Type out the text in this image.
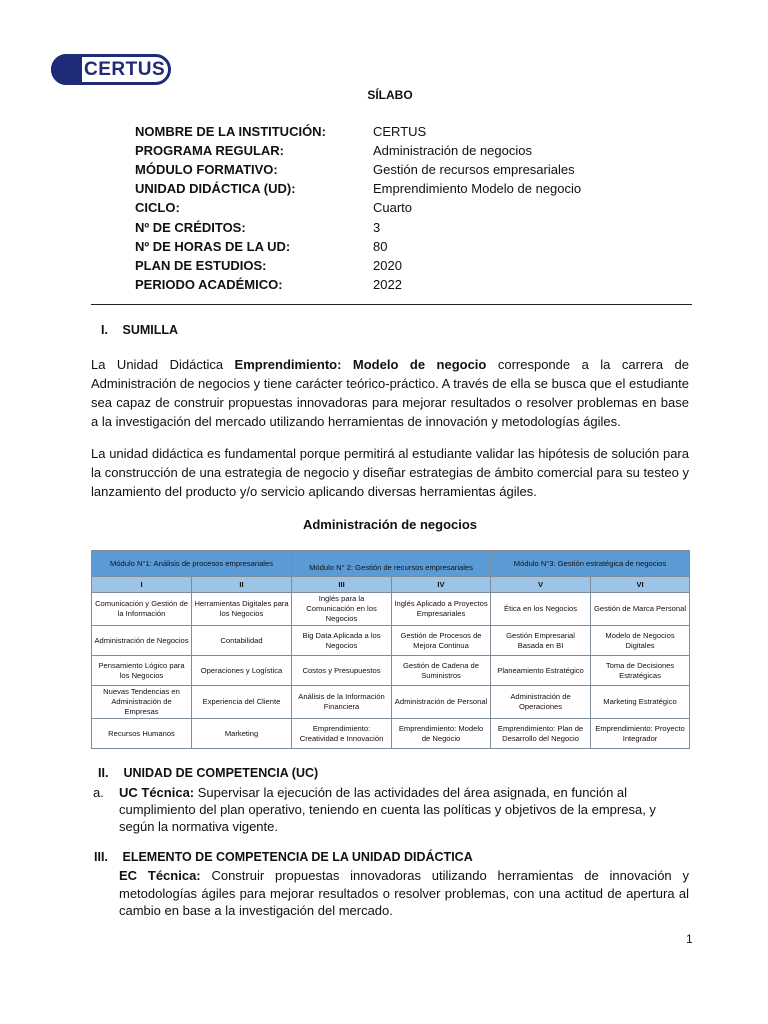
CERTUS
SÍLABO
NOMBRE DE LA INSTITUCIÓN:	CERTUS
PROGRAMA REGULAR:	Administración de negocios
MÓDULO FORMATIVO:	Gestión de recursos empresariales
UNIDAD DIDÁCTICA (UD):	Emprendimiento Modelo de negocio
CICLO:	Cuarto
Nº DE CRÉDITOS:	3
Nº DE HORAS DE LA UD:	80
PLAN DE ESTUDIOS:	2020
PERIODO ACADÉMICO:	2022
I. SUMILLA
La Unidad Didáctica Emprendimiento: Modelo de negocio corresponde a la carrera de Administración de negocios y tiene carácter teórico-práctico. A través de ella se busca que el estudiante sea capaz de construir propuestas innovadoras para mejorar resultados o resolver problemas en base a la investigación del mercado utilizando herramientas de innovación y metodologías ágiles.
La unidad didáctica es fundamental porque permitirá al estudiante validar las hipótesis de solución para la construcción de una estrategia de negocio y diseñar estrategias de ámbito comercial para su testeo y lanzamiento del producto y/o servicio aplicando diversas herramientas ágiles.
Administración de negocios
Módulo N°1: Análisis de procesos empresariales		Módulo N° 2: Gestión de recursos empresariales		Módulo N°3: Gestión estratégica de negocios	
I	II	III	IV	V	VI
Comunicación y Gestión de la Información	Herramientas Digitales para los Negocios	Inglés para la Comunicación en los Negocios	Inglés Aplicado a Proyectos Empresariales	Ética en los Negocios	Gestión de Marca Personal
Administración de Negocios	Contabilidad	Big Data Aplicada a los Negocios	Gestión de Procesos de Mejora Continua	Gestión Empresarial Basada en BI	Modelo de Negocios Digitales
Pensamiento Lógico para los Negocios	Operaciones y Logística	Costos y Presupuestos	Gestión de Cadena de Suministros	Planeamiento Estratégico	Toma de Decisiones Estratégicas
Nuevas Tendencias en Administración de Empresas	Experiencia del Cliente	Análisis de la Información Financiera	Administración de Personal	Administración de Operaciones	Marketing Estratégico
Recursos Humanos	Marketing	Emprendimiento: Creatividad e Innovación	Emprendimiento: Modelo de Negocio	Emprendimiento: Plan de Desarrollo del Negocio	Emprendimiento: Proyecto Integrador
II. UNIDAD DE COMPETENCIA (UC)
a. UC Técnica: Supervisar la ejecución de las actividades del área asignada, en función al cumplimiento del plan operativo, teniendo en cuenta las políticas y objetivos de la empresa, y según la normativa vigente.
III. ELEMENTO DE COMPETENCIA DE LA UNIDAD DIDÁCTICA
EC Técnica: Construir propuestas innovadoras utilizando herramientas de innovación y metodologías ágiles para mejorar resultados o resolver problemas, con una actitud de apertura al cambio en base a la investigación del mercado.
1
